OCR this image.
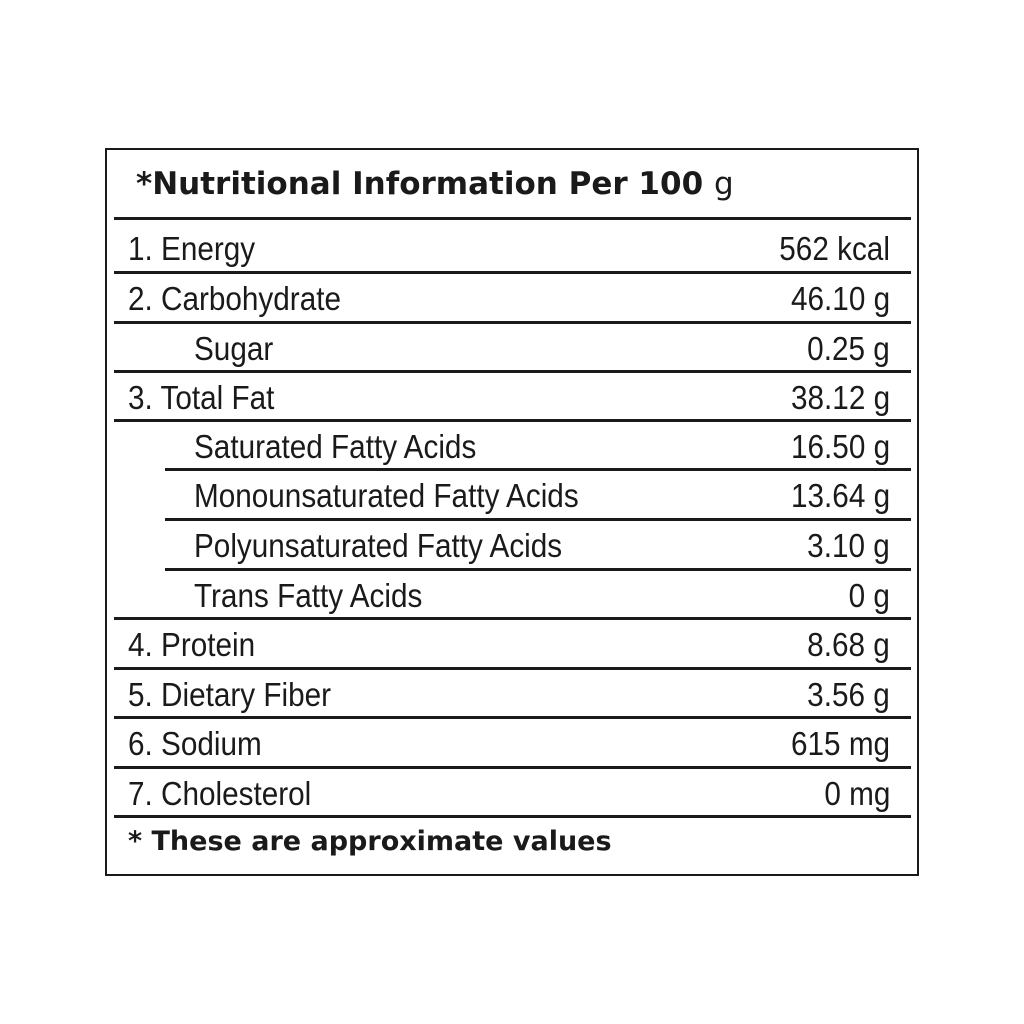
*Nutritional Information Per 100 g
1. Energy	562 kcal
2. Carbohydrate	46.10 g
Sugar	0.25 g
3. Total Fat	38.12 g
Saturated Fatty Acids	16.50 g
Monounsaturated Fatty Acids	13.64 g
Polyunsaturated Fatty Acids	3.10 g
Trans Fatty Acids	0 g
4. Protein	8.68 g
5. Dietary Fiber	3.56 g
6. Sodium	615 mg
7. Cholesterol	0 mg
* These are approximate values
